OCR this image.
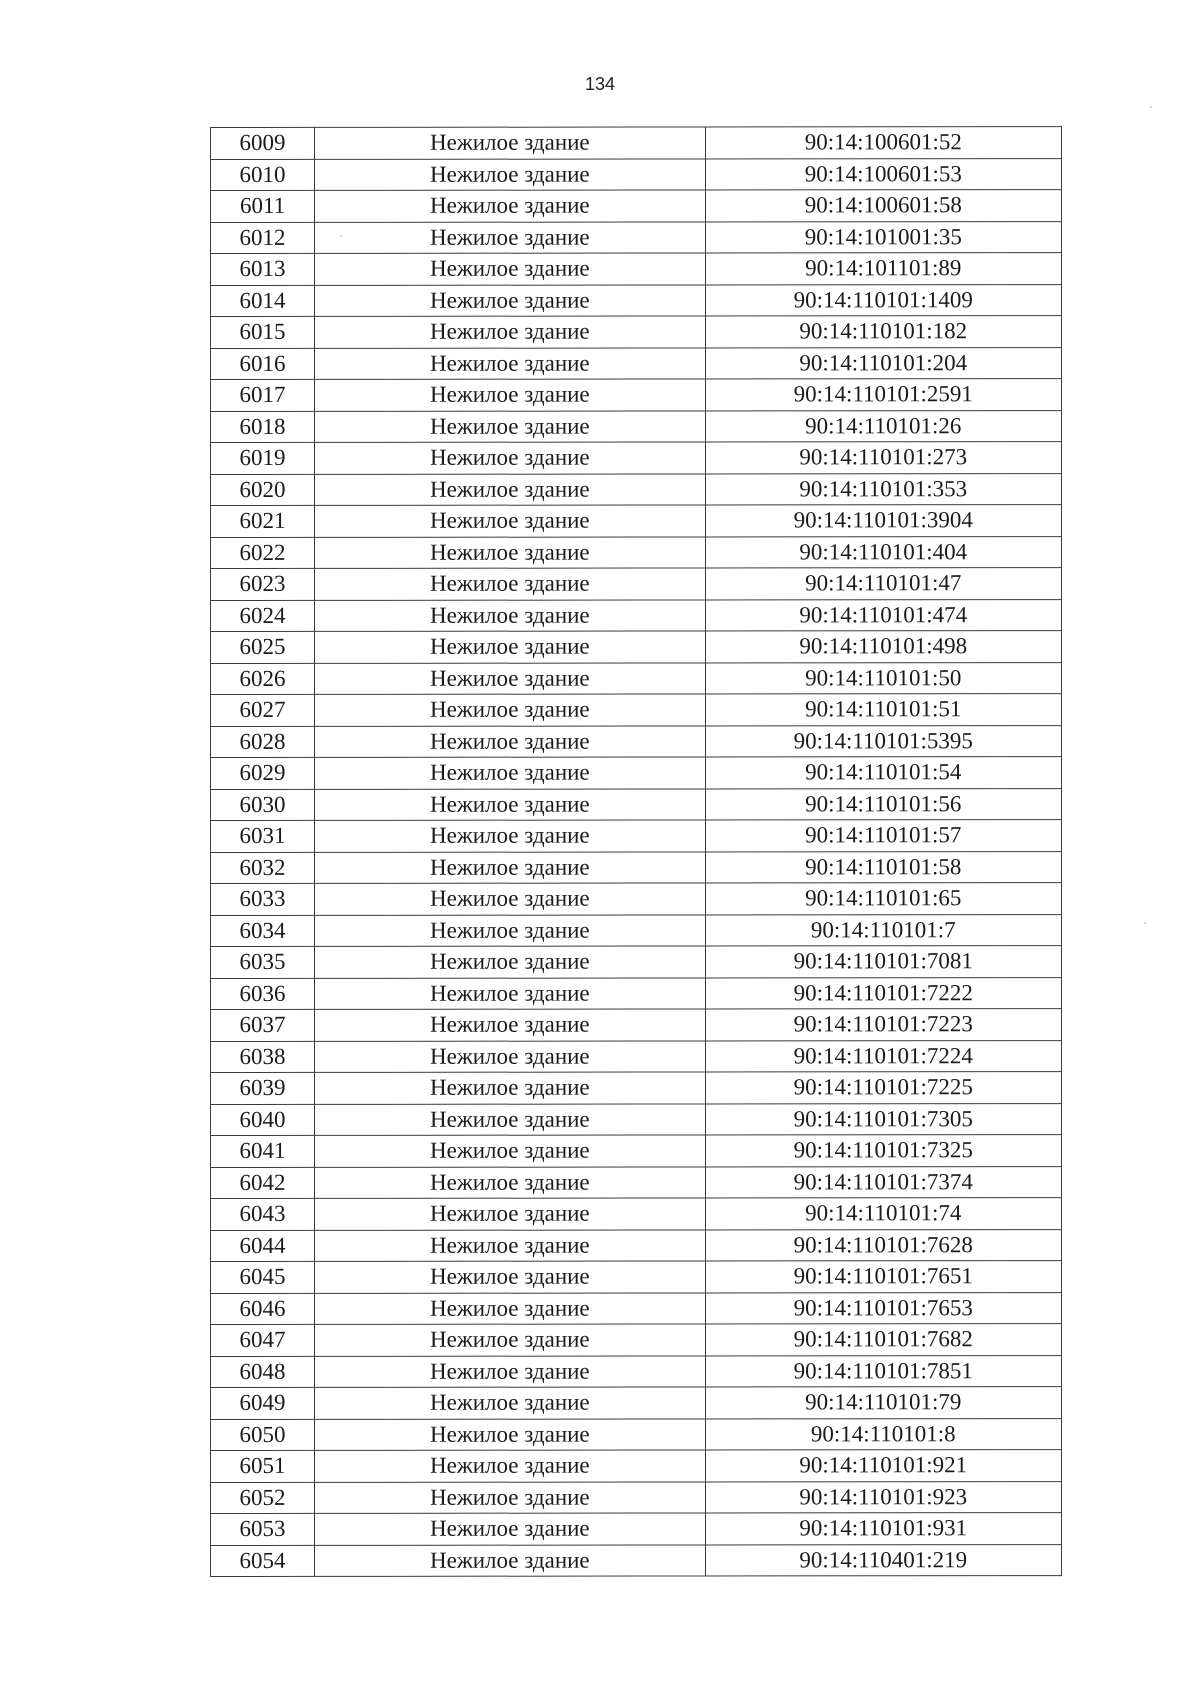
134
6009	Нежилое здание	90:14:100601:52
6010	Нежилое здание	90:14:100601:53
6011	Нежилое здание	90:14:100601:58
6012	Нежилое здание	90:14:101001:35
6013	Нежилое здание	90:14:101101:89
6014	Нежилое здание	90:14:110101:1409
6015	Нежилое здание	90:14:110101:182
6016	Нежилое здание	90:14:110101:204
6017	Нежилое здание	90:14:110101:2591
6018	Нежилое здание	90:14:110101:26
6019	Нежилое здание	90:14:110101:273
6020	Нежилое здание	90:14:110101:353
6021	Нежилое здание	90:14:110101:3904
6022	Нежилое здание	90:14:110101:404
6023	Нежилое здание	90:14:110101:47
6024	Нежилое здание	90:14:110101:474
6025	Нежилое здание	90:14:110101:498
6026	Нежилое здание	90:14:110101:50
6027	Нежилое здание	90:14:110101:51
6028	Нежилое здание	90:14:110101:5395
6029	Нежилое здание	90:14:110101:54
6030	Нежилое здание	90:14:110101:56
6031	Нежилое здание	90:14:110101:57
6032	Нежилое здание	90:14:110101:58
6033	Нежилое здание	90:14:110101:65
6034	Нежилое здание	90:14:110101:7
6035	Нежилое здание	90:14:110101:7081
6036	Нежилое здание	90:14:110101:7222
6037	Нежилое здание	90:14:110101:7223
6038	Нежилое здание	90:14:110101:7224
6039	Нежилое здание	90:14:110101:7225
6040	Нежилое здание	90:14:110101:7305
6041	Нежилое здание	90:14:110101:7325
6042	Нежилое здание	90:14:110101:7374
6043	Нежилое здание	90:14:110101:74
6044	Нежилое здание	90:14:110101:7628
6045	Нежилое здание	90:14:110101:7651
6046	Нежилое здание	90:14:110101:7653
6047	Нежилое здание	90:14:110101:7682
6048	Нежилое здание	90:14:110101:7851
6049	Нежилое здание	90:14:110101:79
6050	Нежилое здание	90:14:110101:8
6051	Нежилое здание	90:14:110101:921
6052	Нежилое здание	90:14:110101:923
6053	Нежилое здание	90:14:110101:931
6054	Нежилое здание	90:14:110401:219
